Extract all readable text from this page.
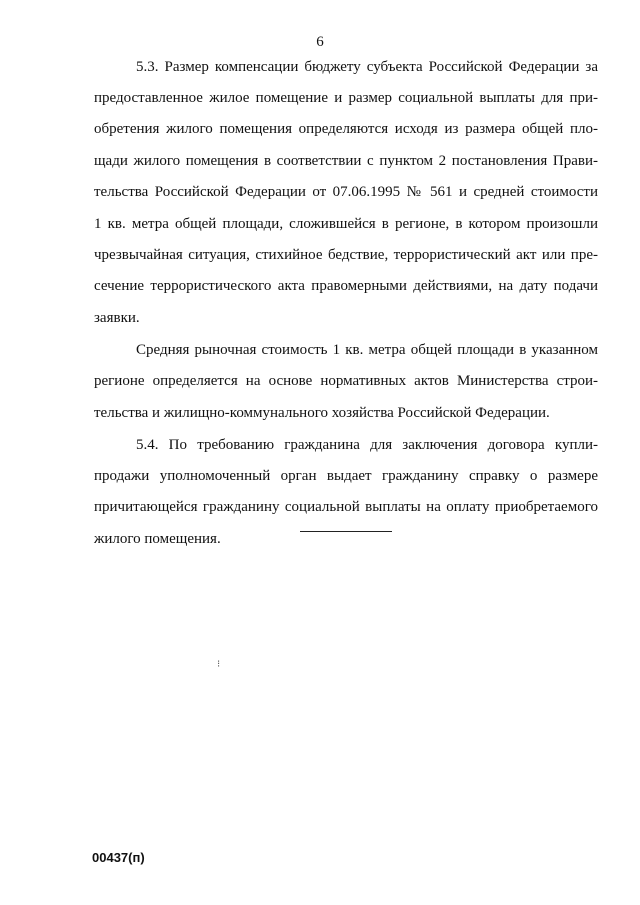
6
5.3. Размер компенсации бюджету субъекта Российской Федерации за
предоставленное жилое помещение и размер социальной выплаты для при-
обретения жилого помещения определяются исходя из размера общей пло-
щади жилого помещения в соответствии с пунктом 2 постановления Прави-
тельства Российской Федерации от 07.06.1995 № 561 и средней стоимости
1 кв. метра общей площади, сложившейся в регионе, в котором произошли
чрезвычайная ситуация, стихийное бедствие, террористический акт или пре-
сечение террористического акта правомерными действиями, на дату подачи
заявки.
Средняя рыночная стоимость 1 кв. метра общей площади в указанном
регионе определяется на основе нормативных актов Министерства строи-
тельства и жилищно-коммунального хозяйства Российской Федерации.
5.4. По требованию гражданина для заключения договора купли-
продажи уполномоченный орган выдает гражданину справку о размере
причитающейся гражданину социальной выплаты на оплату приобретаемого
жилого помещения.
⁝
00437(п)
